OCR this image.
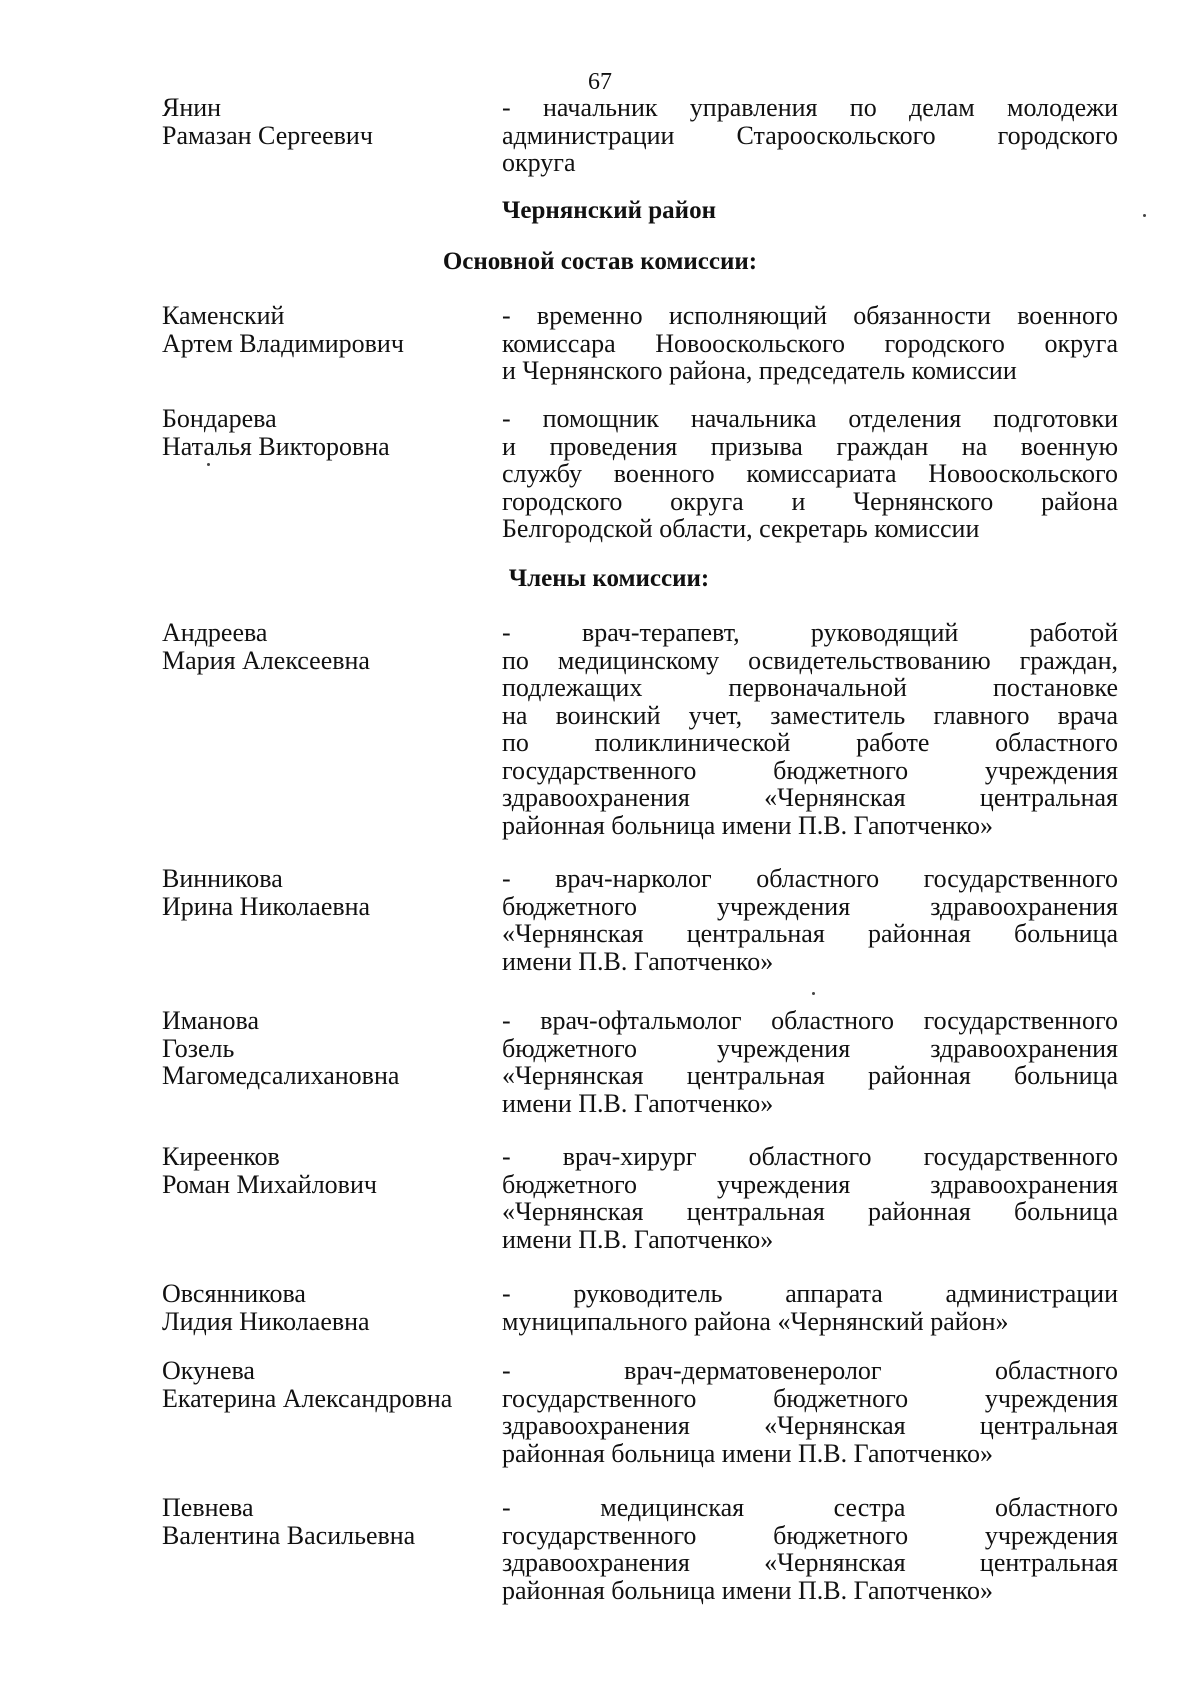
67
Янин
Рамазан Сергеевич
- начальник управления по делам молодежи
администрации Старооскольского городского
округа
Чернянский район
Основной состав комиссии:
Каменский
Артем Владимирович
- временно исполняющий обязанности военного
комиссара Новооскольского городского округа
и Чернянского района, председатель комиссии
Бондарева
Наталья Викторовна
- помощник начальника отделения подготовки
и проведения призыва граждан на военную
службу военного комиссариата Новооскольского
городского округа и Чернянского района
Белгородской области, секретарь комиссии
Члены комиссии:
Андреева
Мария Алексеевна
- врач-терапевт, руководящий работой
по медицинскому освидетельствованию граждан,
подлежащих первоначальной постановке
на воинский учет, заместитель главного врача
по поликлинической работе областного
государственного бюджетного учреждения
здравоохранения «Чернянская центральная
районная больница имени П.В. Гапотченко»
Винникова
Ирина Николаевна
- врач-нарколог областного государственного
бюджетного учреждения здравоохранения
«Чернянская центральная районная больница
имени П.В. Гапотченко»
Иманова
Гозель
Магомедсалихановна
- врач-офтальмолог областного государственного
бюджетного учреждения здравоохранения
«Чернянская центральная районная больница
имени П.В. Гапотченко»
Киреенков
Роман Михайлович
- врач-хирург областного государственного
бюджетного учреждения здравоохранения
«Чернянская центральная районная больница
имени П.В. Гапотченко»
Овсянникова
Лидия Николаевна
- руководитель аппарата администрации
муниципального района «Чернянский район»
Окунева
Екатерина Александровна
- врач-дерматовенеролог областного
государственного бюджетного учреждения
здравоохранения «Чернянская центральная
районная больница имени П.В. Гапотченко»
Певнева
Валентина Васильевна
- медицинская сестра областного
государственного бюджетного учреждения
здравоохранения «Чернянская центральная
районная больница имени П.В. Гапотченко»
